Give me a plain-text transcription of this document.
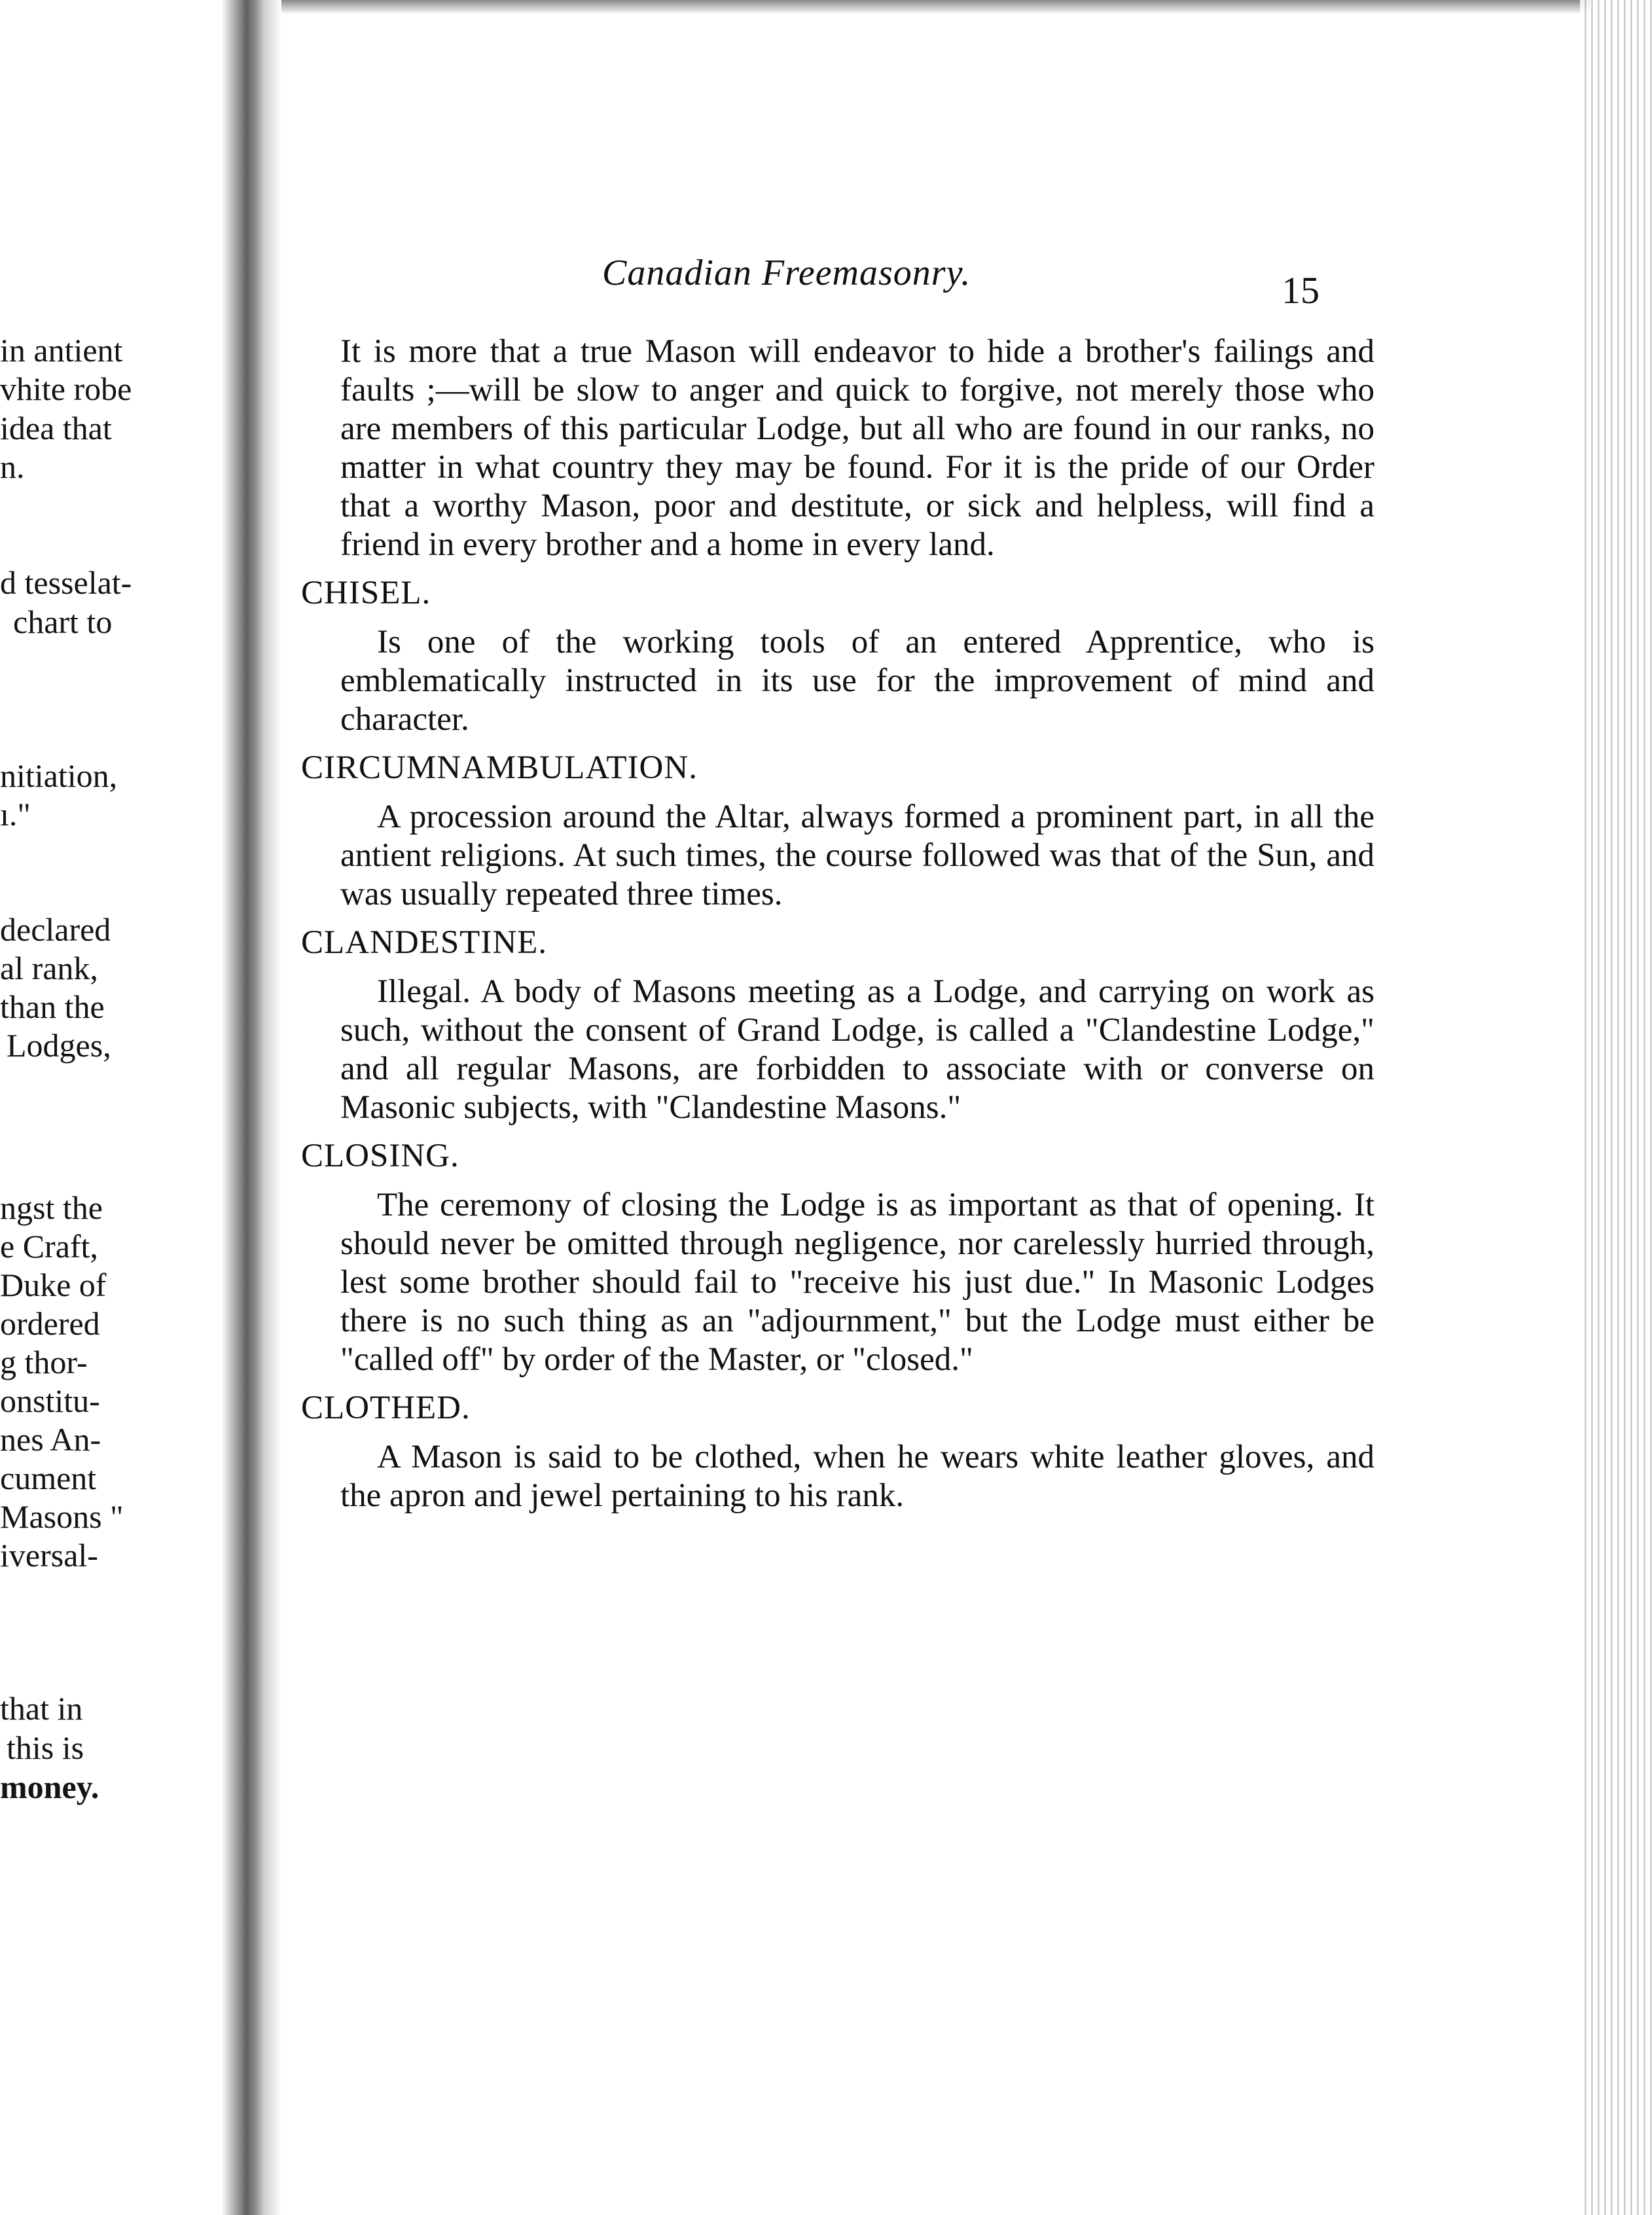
in antient
vhite robe
idea that
n.
d tesselat-
chart to
nitiation,
ı."
declared
al rank,
than the
Lodges,
ngst the
e Craft,
Duke of
ordered
g thor-
onstitu-
nes An-
cument
Masons "
iversal-
that in
this is
money.
Canadian Freemasonry.	15

It is more that a true Mason will endeavor to hide a brother's failings and faults ;—will be slow to anger and quick to forgive, not merely those who are members of this particular Lodge, but all who are found in our ranks, no matter in what country they may be found. For it is the pride of our Order that a worthy Mason, poor and destitute, or sick and helpless, will find a friend in every brother and a home in every land.

CHISEL.

Is one of the working tools of an entered Apprentice, who is emblematically instructed in its use for the improvement of mind and character.

CIRCUMNAMBULATION.

A procession around the Altar, always formed a prominent part, in all the antient religions. At such times, the course followed was that of the Sun, and was usually repeated three times.

CLANDESTINE.

Illegal. A body of Masons meeting as a Lodge, and carrying on work as such, without the consent of Grand Lodge, is called a "Clandestine Lodge," and all regular Masons, are forbidden to associate with or converse on Masonic subjects, with "Clandestine Masons."

CLOSING.

The ceremony of closing the Lodge is as important as that of opening. It should never be omitted through negligence, nor carelessly hurried through, lest some brother should fail to "receive his just due." In Masonic Lodges there is no such thing as an "adjournment," but the Lodge must either be "called off" by order of the Master, or "closed."

CLOTHED.

A Mason is said to be clothed, when he wears white leather gloves, and the apron and jewel pertaining to his rank.
